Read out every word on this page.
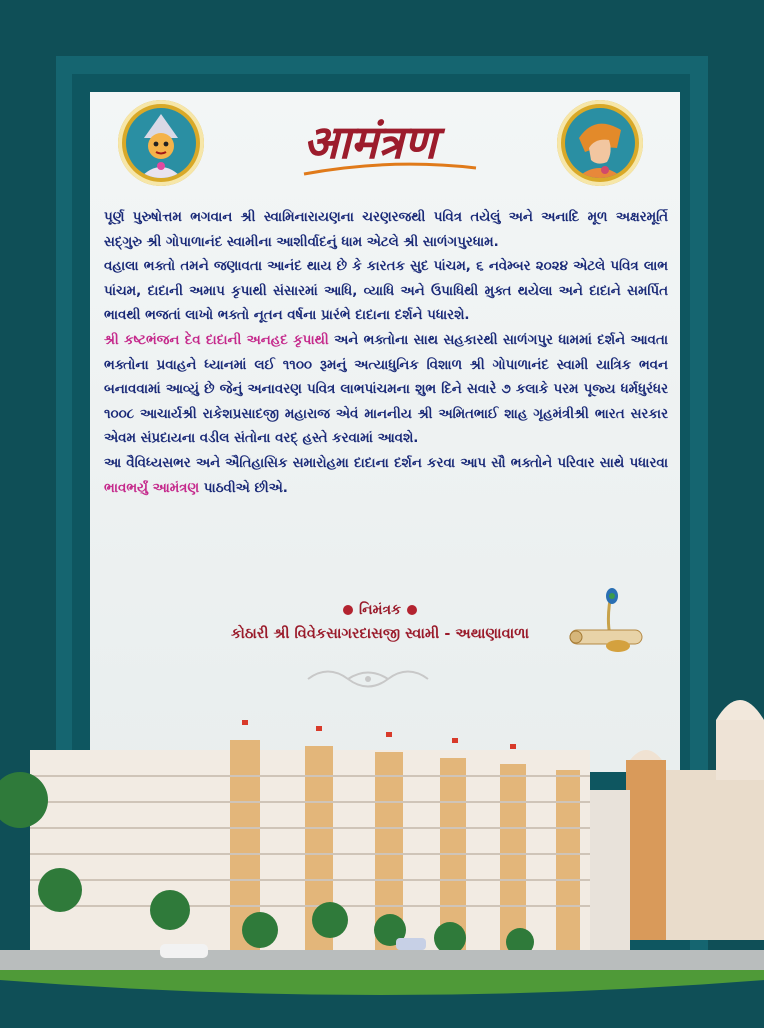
आमंत्रण

પૂર્ણ પુરુષોત્તમ ભગવાન શ્રી સ્વામિનારાયણના ચરણરજથી પવિત્ર તયેલું અને અનાદિ મૂળ અક્ષરમૂર્તિ સદ્ગુરુ શ્રી ગોપાળાનંદ સ્વામીના આશીર્વાદનું ધામ એટલે શ્રી સાળંગપુરધામ.

વહાલા ભક્તો તમને જણાવતા આનંદ થાય છે કે કારતક સુદ પાંચમ, ૬ નવેમ્બર ૨૦૨૪ એટલે પવિત્ર લાભ પાંચમ, દાદાની અમાપ કૃપાથી સંસારમાં આધિ, વ્યાધિ અને ઉપાધિથી મુક્ત થયેલા અને દાદાને સમર્પિત ભાવથી ભજતાં લાખો ભક્તો નૂતન વર્ષના પ્રારંભે દાદાના દર્શને પધારશે.

શ્રી કષ્ટભંજન દેવ દાદાની અનહદ કૃપાથી અને ભક્તોના સાથ સહકારથી સાળંગપુર ધામમાં દર્શને આવતા ભક્તોના પ્રવાહને ધ્યાનમાં લઈ ૧૧૦૦ રૂમનું અત્યાધુનિક વિશાળ શ્રી ગોપાળાનંદ સ્વામી યાત્રિક ભવન બનાવવામાં આવ્યું છે જેનું અનાવરણ પવિત્ર લાભપાંચમના શુભ દિને સવારે ૭ કલાકે પરમ પૂજ્ય ધર્મધુરંધર ૧૦૦૮ આચાર્યશ્રી રાકેશપ્રસાદજી મહારાજ એવં માનનીય શ્રી અમિતભાઈ શાહ ગૃહમંત્રીશ્રી ભારત સરકાર એવમ સંપ્રદાયના વડીલ સંતોના વરદ્ હસ્તે કરવામાં આવશે.

આ વૈવિધ્યસભર અને ઐતિહાસિક સમારોહમા દાદાના દર્શન કરવા આપ સૌ ભક્તોને પરિવાર સાથે પધારવા ભાવભર્યું આમંત્રણ પાઠવીએ છીએ.

નિમંત્રક
કોઠારી શ્રી વિવેકસાગરદાસજી સ્વામી - અથાણાવાળા
